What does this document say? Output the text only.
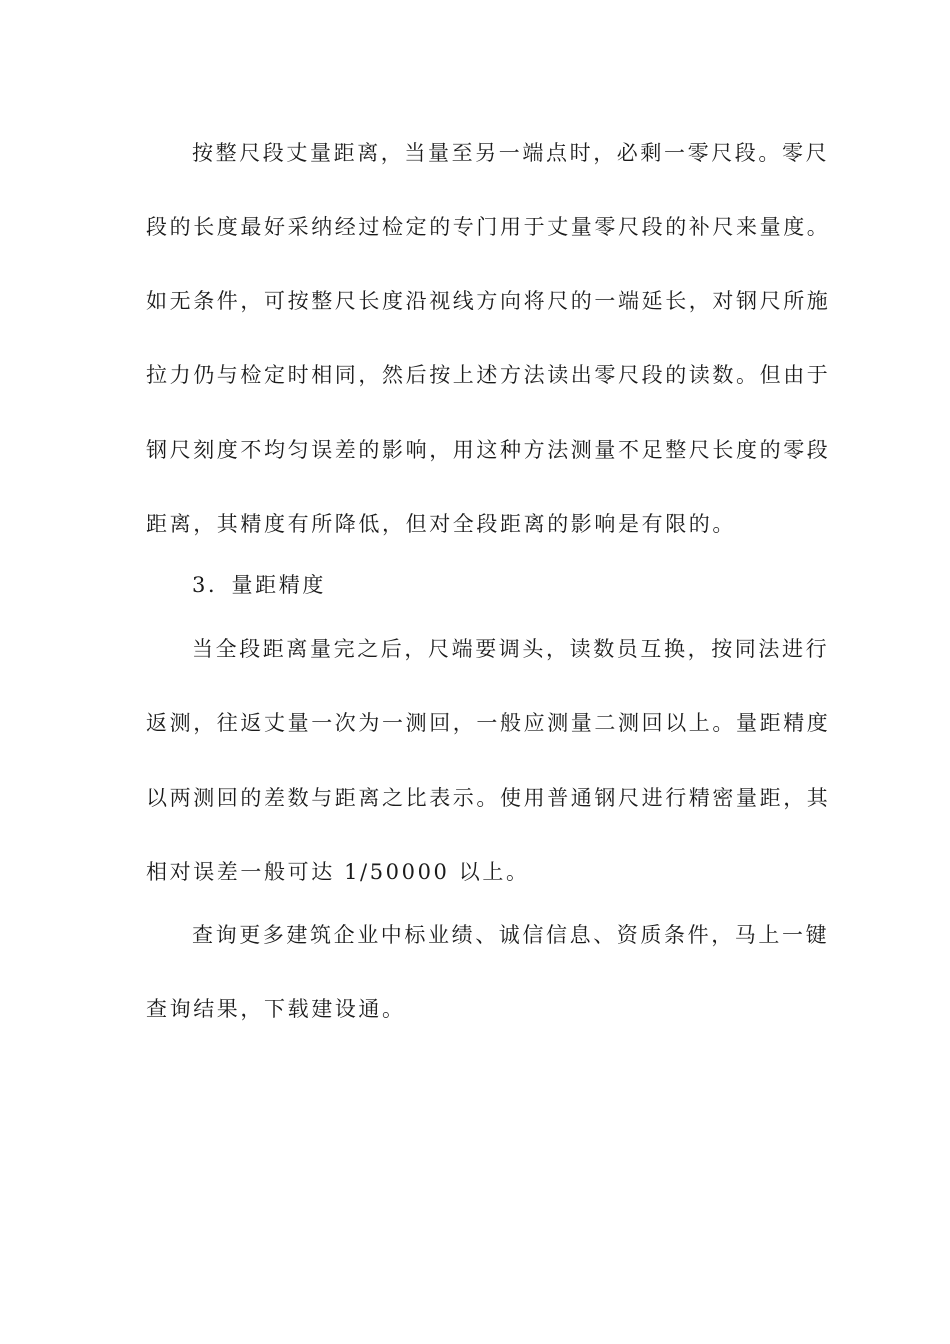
按整尺段丈量距离，当量至另一端点时，必剩一零尺段。零尺
段的长度最好采纳经过检定的专门用于丈量零尺段的补尺来量度。
如无条件，可按整尺长度沿视线方向将尺的一端延长，对钢尺所施
拉力仍与检定时相同，然后按上述方法读出零尺段的读数。但由于
钢尺刻度不均匀误差的影响，用这种方法测量不足整尺长度的零段
距离，其精度有所降低，但对全段距离的影响是有限的。
3．量距精度
当全段距离量完之后，尺端要调头，读数员互换，按同法进行
返测，往返丈量一次为一测回，一般应测量二测回以上。量距精度
以两测回的差数与距离之比表示。使用普通钢尺进行精密量距，其
相对误差一般可达 1/50000 以上。
查询更多建筑企业中标业绩、诚信信息、资质条件，马上一键
查询结果，下载建设通。
